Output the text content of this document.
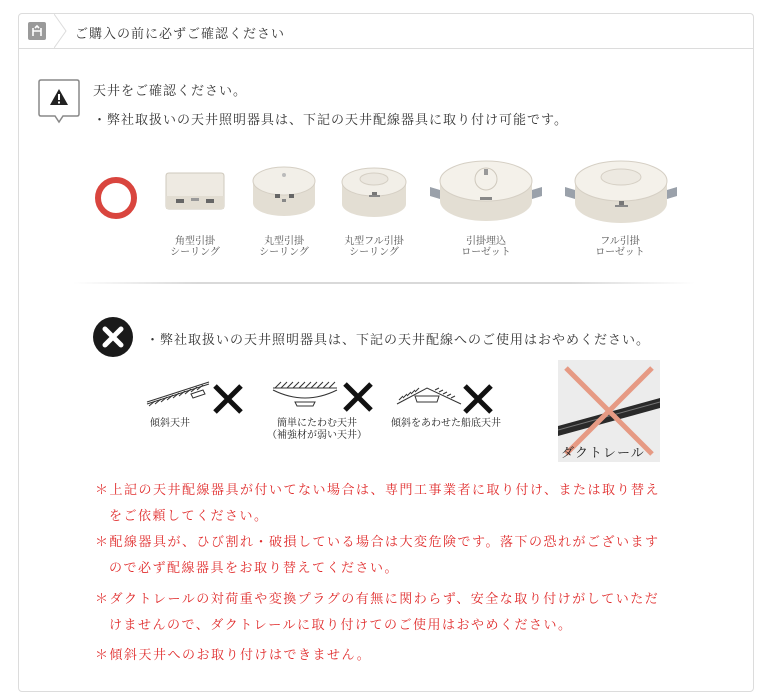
ご購入の前に必ずご確認ください
天井をご確認ください。
・弊社取扱いの天井照明器具は、下記の天井配線器具に取り付け可能です。
角型引掛
シーリング
丸型引掛
シーリング
丸型フル引掛
シーリング
引掛埋込
ローゼット
フル引掛
ローゼット
・弊社取扱いの天井照明器具は、下記の天井配線へのご使用はおやめください。
傾斜天井	簡単にたわむ天井
（補強材が弱い天井）
傾斜をあわせた船底天井
ダクトレール
＊上記の天井配線器具が付いてない場合は、専門工事業者に取り付け、または取り替え
をご依頼してください。
＊配線器具が、ひび割れ・破損している場合は大変危険です。落下の恐れがございます
ので必ず配線器具をお取り替えてください。
＊ダクトレールの対荷重や変換プラグの有無に関わらず、安全な取り付けがしていただ
けませんので、ダクトレールに取り付けてのご使用はおやめください。
＊傾斜天井へのお取り付けはできません。
